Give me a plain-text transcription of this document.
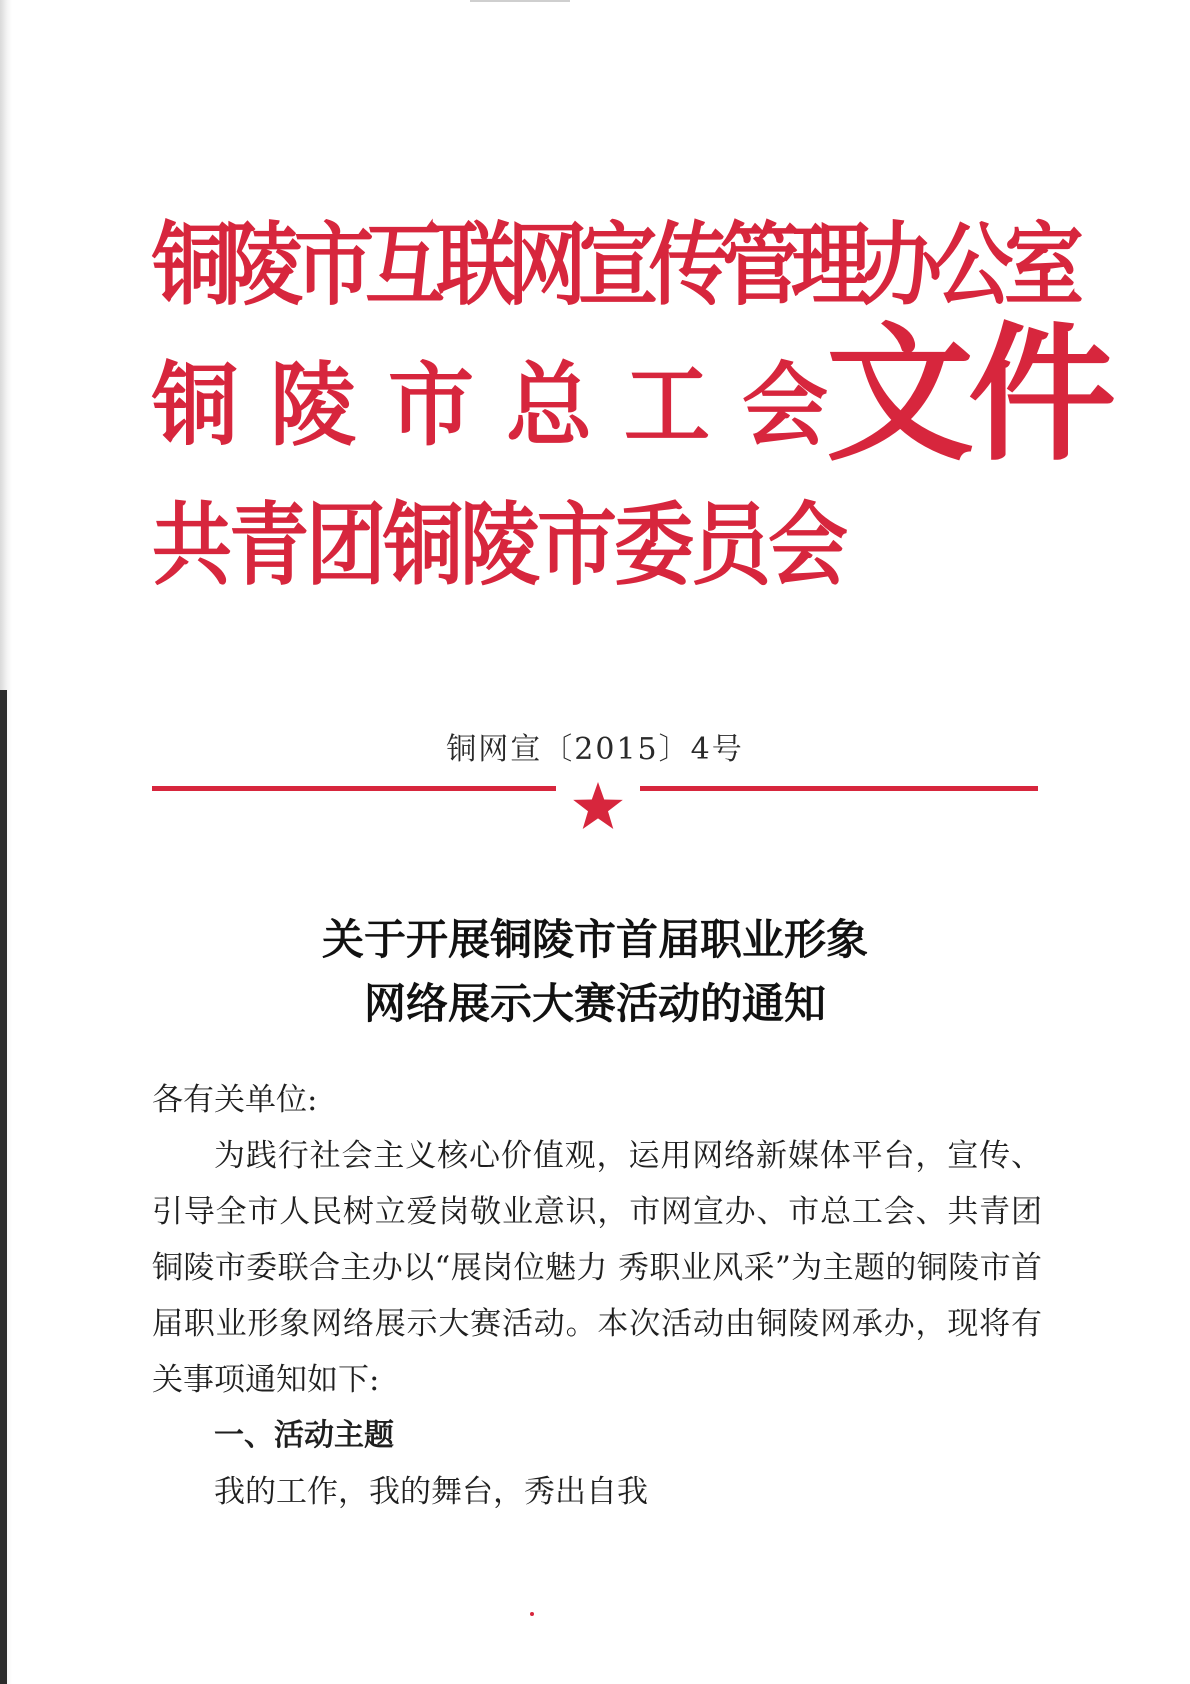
铜陵市互联网宣传管理办公室
铜陵市总工会
共青团铜陵市委员会
文件
铜网宣〔2015〕4号
关于开展铜陵市首届职业形象
网络展示大赛活动的通知

各有关单位:

为践行社会主义核心价值观，运用网络新媒体平台，宣传、引导全市人民树立爱岗敬业意识，市网宣办、市总工会、共青团铜陵市委联合主办以“展岗位魅力 秀职业风采”为主题的铜陵市首届职业形象网络展示大赛活动。本次活动由铜陵网承办，现将有关事项通知如下:

一、活动主题

我的工作，我的舞台，秀出自我
